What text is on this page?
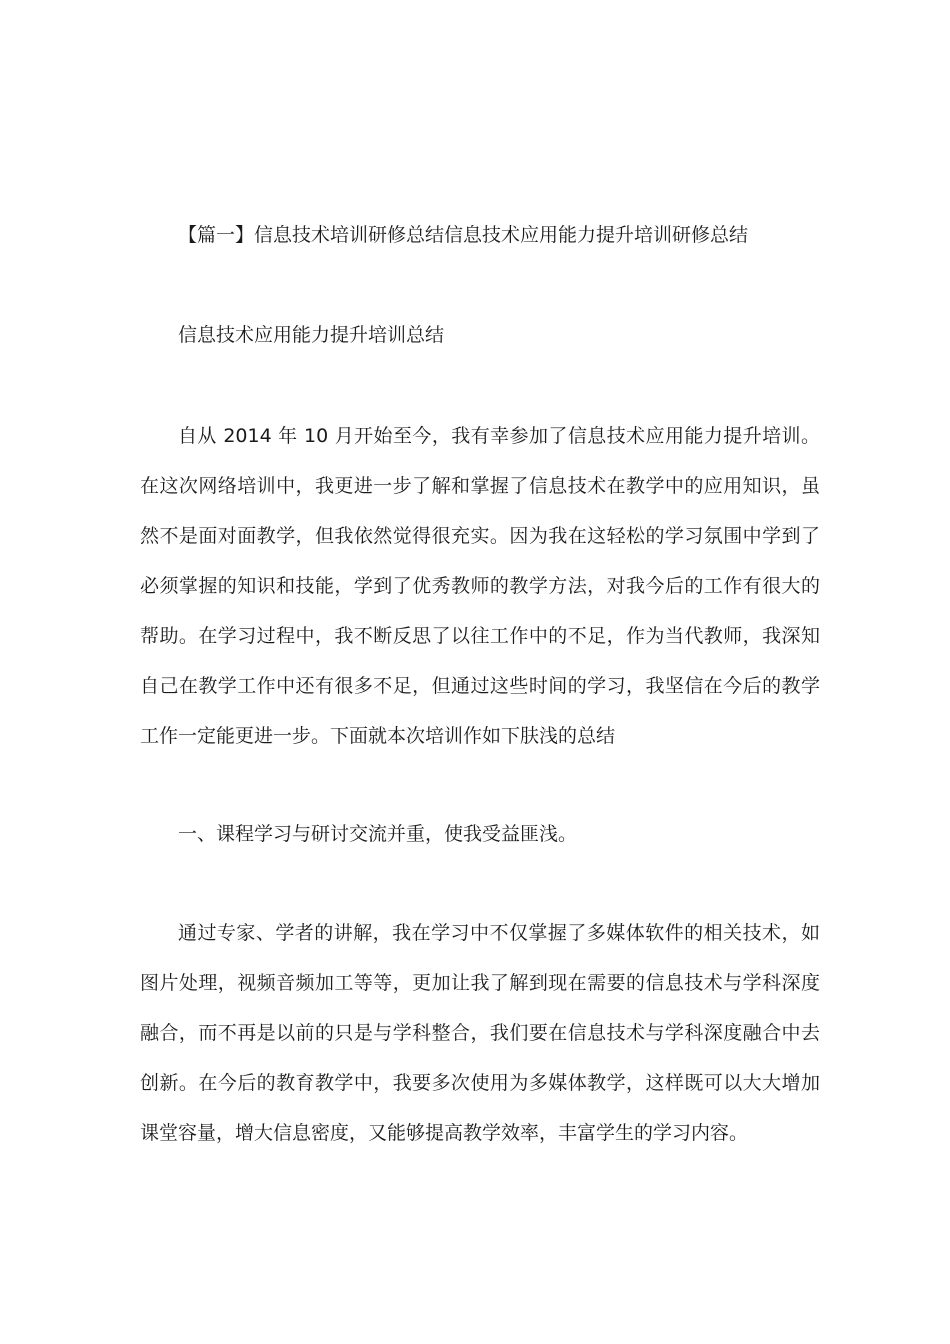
【篇一】信息技术培训研修总结信息技术应用能力提升培训研修总结

信息技术应用能力提升培训总结

自从 2014 年 10 月开始至今，我有幸参加了信息技术应用能力提升培训。在这次网络培训中，我更进一步了解和掌握了信息技术在教学中的应用知识，虽然不是面对面教学，但我依然觉得很充实。因为我在这轻松的学习氛围中学到了必须掌握的知识和技能，学到了优秀教师的教学方法，对我今后的工作有很大的帮助。在学习过程中，我不断反思了以往工作中的不足，作为当代教师，我深知自己在教学工作中还有很多不足，但通过这些时间的学习，我坚信在今后的教学工作一定能更进一步。下面就本次培训作如下肤浅的总结

一、课程学习与研讨交流并重，使我受益匪浅。

通过专家、学者的讲解，我在学习中不仅掌握了多媒体软件的相关技术，如图片处理，视频音频加工等等，更加让我了解到现在需要的信息技术与学科深度融合，而不再是以前的只是与学科整合，我们要在信息技术与学科深度融合中去创新。在今后的教育教学中，我要多次使用为多媒体教学，这样既可以大大增加课堂容量，增大信息密度，又能够提高教学效率，丰富学生的学习内容。
